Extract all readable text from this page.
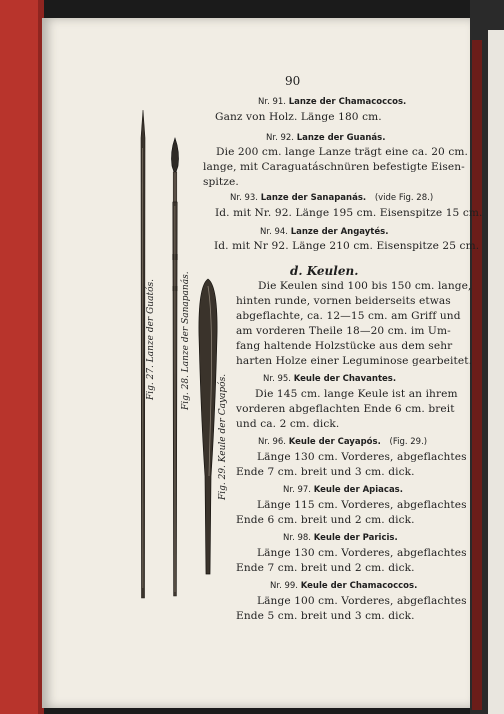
90
Nr. 91. Lanze der Chamacoccos.
Ganz von Holz. Länge 180 cm.
Nr. 92. Lanze der Guanás.
Die 200 cm. lange Lanze trägt eine ca. 20 cm.
lange, mit Caraguatáschnüren befestigte Eisen-
spitze.
Nr. 93. Lanze der Sanapanás. (vide Fig. 28.)
Id. mit Nr. 92. Länge 195 cm. Eisenspitze 15 cm.
Nr. 94. Lanze der Angaytés.
Id. mit Nr 92. Länge 210 cm. Eisenspitze 25 cm.
d. Keulen.
Die Keulen sind 100 bis 150 cm. lange,
hinten runde, vornen beiderseits etwas
abgeflachte, ca. 12—15 cm. am Griff und
am vorderen Theile 18—20 cm. im Um-
fang haltende Holzstücke aus dem sehr
harten Holze einer Leguminose gearbeitet.
Nr. 95. Keule der Chavantes.
Die 145 cm. lange Keule ist an ihrem
vorderen abgeflachten Ende 6 cm. breit
und ca. 2 cm. dick.
Nr. 96. Keule der Cayapós. (Fig. 29.)
Länge 130 cm. Vorderes, abgeflachtes
Ende 7 cm. breit und 3 cm. dick.
Nr. 97. Keule der Apiacas.
Länge 115 cm. Vorderes, abgeflachtes
Ende 6 cm. breit und 2 cm. dick.
Nr. 98. Keule der Paricis.
Länge 130 cm. Vorderes, abgeflachtes
Ende 7 cm. breit und 2 cm. dick.
Nr. 99. Keule der Chamacoccos.
Länge 100 cm. Vorderes, abgeflachtes
Ende 5 cm. breit und 3 cm. dick.
Fig. 27. Lanze der Guatós.	Fig. 28. Lanze der Sanapanás.
Fig. 29. Keule der Cayapós.
